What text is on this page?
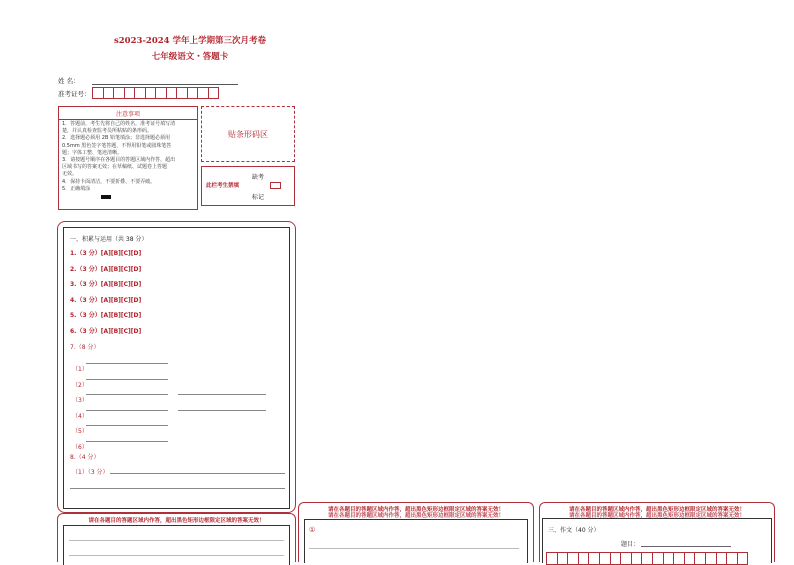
s2023-2024 学年上学期第三次月考卷
七年级语文・答题卡
姓 名：
准考证号：
注意事项
1．答题前，考生先将自己的姓名，准考证号填写清
楚，并认真检查监考员所粘贴的条形码。
2．选择题必须用 2B 铅笔填涂；非选择题必须用
0.5mm 黑色签字笔答题，不得用铅笔或圆珠笔答
题；字体工整、笔迹清晰。
3．请按题号顺序在各题目的答题区域内作答，超出
区域书写的答案无效；在草稿纸、试题卷上答题
无效。
4．保持卡面清洁，不要折叠、不要弄破。
5．正确填涂
贴条形码区
此栏考生禁填
缺考
标记
一、积累与运用（共 38 分）
1.（3 分）[A][B][C][D]
2.（3 分）[A][B][C][D]
3.（3 分）[A][B][C][D]
4.（3 分）[A][B][C][D]
5.（3 分）[A][B][C][D]
6.（3 分）[A][B][C][D]
7.（8 分）
（1）
（2）
（3）
（4）
（5）
（6）
8.（4 分）
（1）（3 分）
请在各题目的答题区域内作答，超出黑色矩形边框限定区域的答案无效！
请在各题目的答题区域内作答，超出黑色矩形边框限定区域的答案无效！
请在各题目的答题区域内作答，超出黑色矩形边框限定区域的答案无效！
①
请在各题目的答题区域内作答，超出黑色矩形边框限定区域的答案无效！
请在各题目的答题区域内作答，超出黑色矩形边框限定区域的答案无效！
三、作文（40 分）
题目：
